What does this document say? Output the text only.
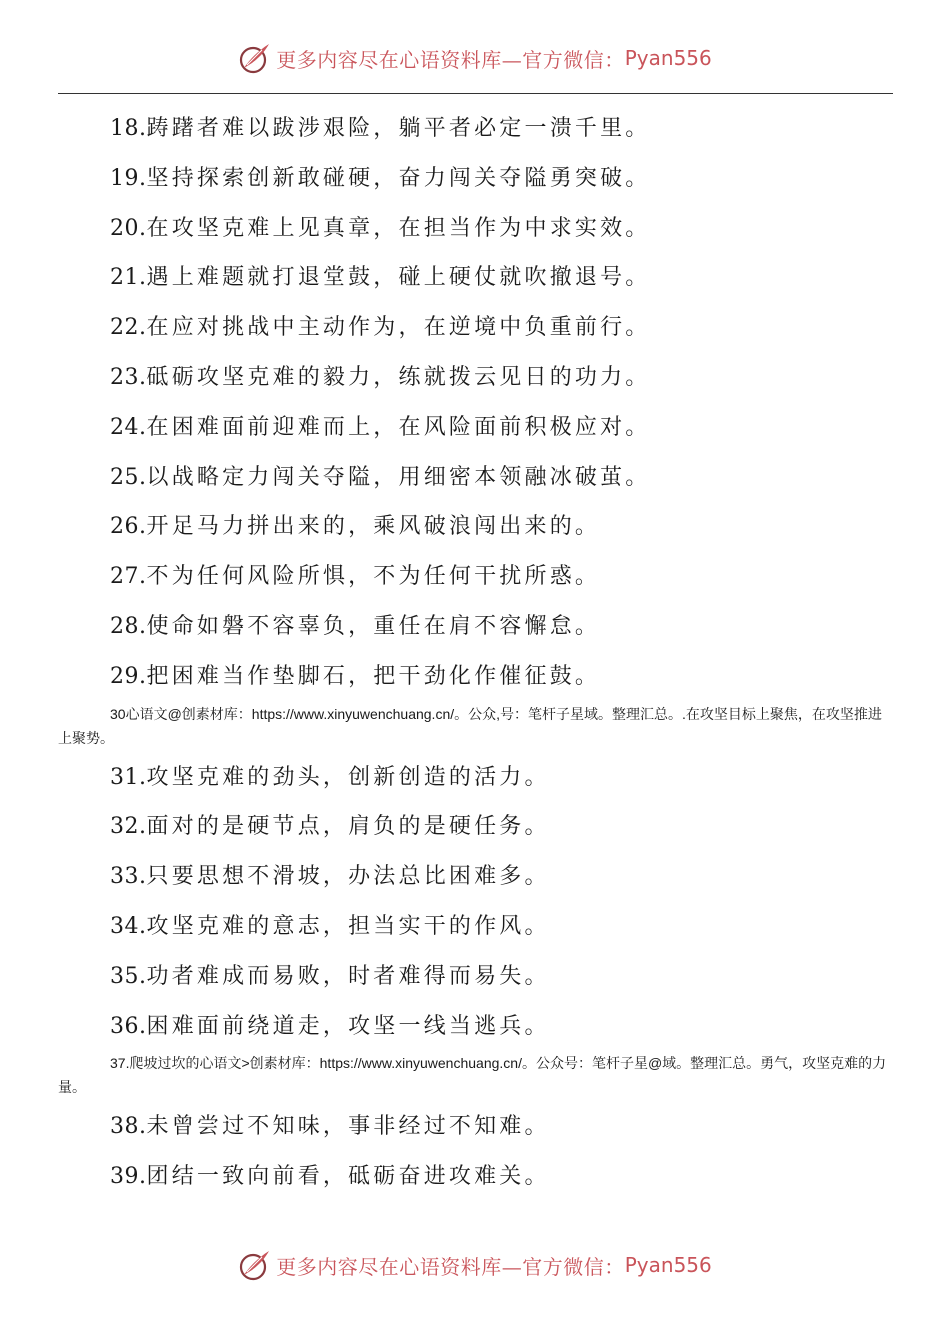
更多内容尽在心语资料库—官方微信： Pyan556
18.踌躇者难以跋涉艰险，躺平者必定一溃千里。
19.坚持探索创新敢碰硬，奋力闯关夺隘勇突破。
20.在攻坚克难上见真章，在担当作为中求实效。
21.遇上难题就打退堂鼓，碰上硬仗就吹撤退号。
22.在应对挑战中主动作为，在逆境中负重前行。
23.砥砺攻坚克难的毅力，练就拨云见日的功力。
24.在困难面前迎难而上，在风险面前积极应对。
25.以战略定力闯关夺隘，用细密本领融冰破茧。
26.开足马力拼出来的，乘风破浪闯出来的。
27.不为任何风险所惧，不为任何干扰所惑。
28.使命如磐不容辜负，重任在肩不容懈怠。
29.把困难当作垫脚石，把干劲化作催征鼓。

30心语文@创素材库：https://www.xinyuwenchuang.cn/。公众,号：笔杆子星域。整理汇总。.在攻坚目标上聚焦，在攻坚推进上聚势。

31.攻坚克难的劲头，创新创造的活力。
32.面对的是硬节点，肩负的是硬任务。
33.只要思想不滑坡，办法总比困难多。
34.攻坚克难的意志，担当实干的作风。
35.功者难成而易败，时者难得而易失。
36.困难面前绕道走，攻坚一线当逃兵。

37.爬坡过坎的心语文>创素材库：https://www.xinyuwenchuang.cn/。公众号：笔杆子星@域。整理汇总。勇气，攻坚克难的力量。

38.未曾尝过不知味，事非经过不知难。
39.团结一致向前看，砥砺奋进攻难关。
更多内容尽在心语资料库—官方微信： Pyan556
